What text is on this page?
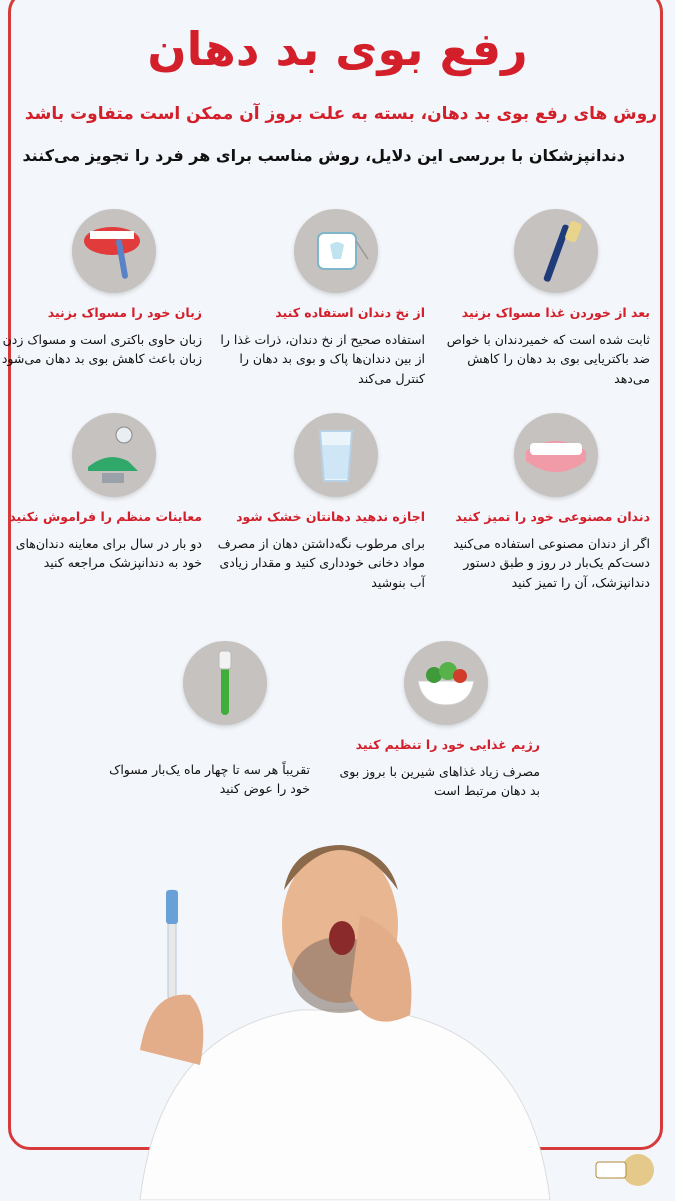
رفع بوی بد دهان
روش های رفع بوی بد دهان، بسته به علت بروز آن ممکن است متفاوت باشد
دندانپزشکان با بررسی این دلایل، روش مناسب برای هر فرد را تجویز می‌کنند
بعد از خوردن غذا مسواک بزنید
ثابت شده است که خمیردندان با خواص ضد باکتریایی بوی بد دهان را کاهش می‌دهد
از نخ دندان استفاده کنید
استفاده صحیح از نخ دندان، ذرات غذا را از بین دندان‌ها پاک و بوی بد دهان را کنترل می‌کند
زبان خود را مسواک بزنید
زبان حاوی باکتری است و مسواک زدن زبان باعث کاهش بوی بد دهان می‌شود
دندان مصنوعی خود را تمیز کنید
اگر از دندان مصنوعی استفاده می‌کنید دست‌کم یک‌بار در روز و طبق دستور دندانپزشک، آن را تمیز کنید
اجازه ندهید دهانتان خشک شود
برای مرطوب نگه‌داشتن دهان از مصرف مواد دخانی خودداری کنید و مقدار زیادی آب بنوشید
معاینات منظم را فراموش نکنید
دو بار در سال برای معاینه دندان‌های خود به دندانپزشک مراجعه کنید
رژیم غذایی خود را تنظیم کنید
مصرف زیاد غذاهای شیرین با بروز بوی بد دهان مرتبط است
تقریباً هر سه تا چهار ماه یک‌بار مسواک خود را عوض کنید
